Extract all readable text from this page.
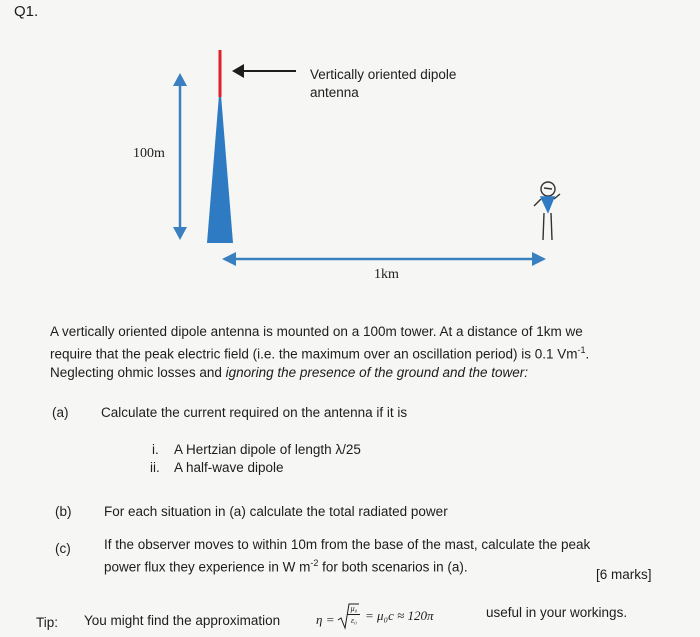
Q1.
Vertically oriented dipole
antenna
100m
1km
A vertically oriented dipole antenna is mounted on a 100m tower. At a distance of 1km we
require that the peak electric field (i.e. the maximum over an oscillation period) is 0.1 $Vm^{-1}$.
Neglecting ohmic losses and ignoring the presence of the ground and the tower:
(a) Calculate the current required on the antenna if it is
i. A Hertzian dipole of length λ/25
ii. A half-wave dipole
(b) For each situation in (a) calculate the total radiated power
(c) If the observer moves to within 10m from the base of the mast, calculate the peak
power flux they experience in W $m^{-2}$ for both scenarios in (a).	[6 marks]
Tip: You might find the approximation	η =
μ₀
ε₀ = μ₀c ≈ 120π	useful in your workings.
